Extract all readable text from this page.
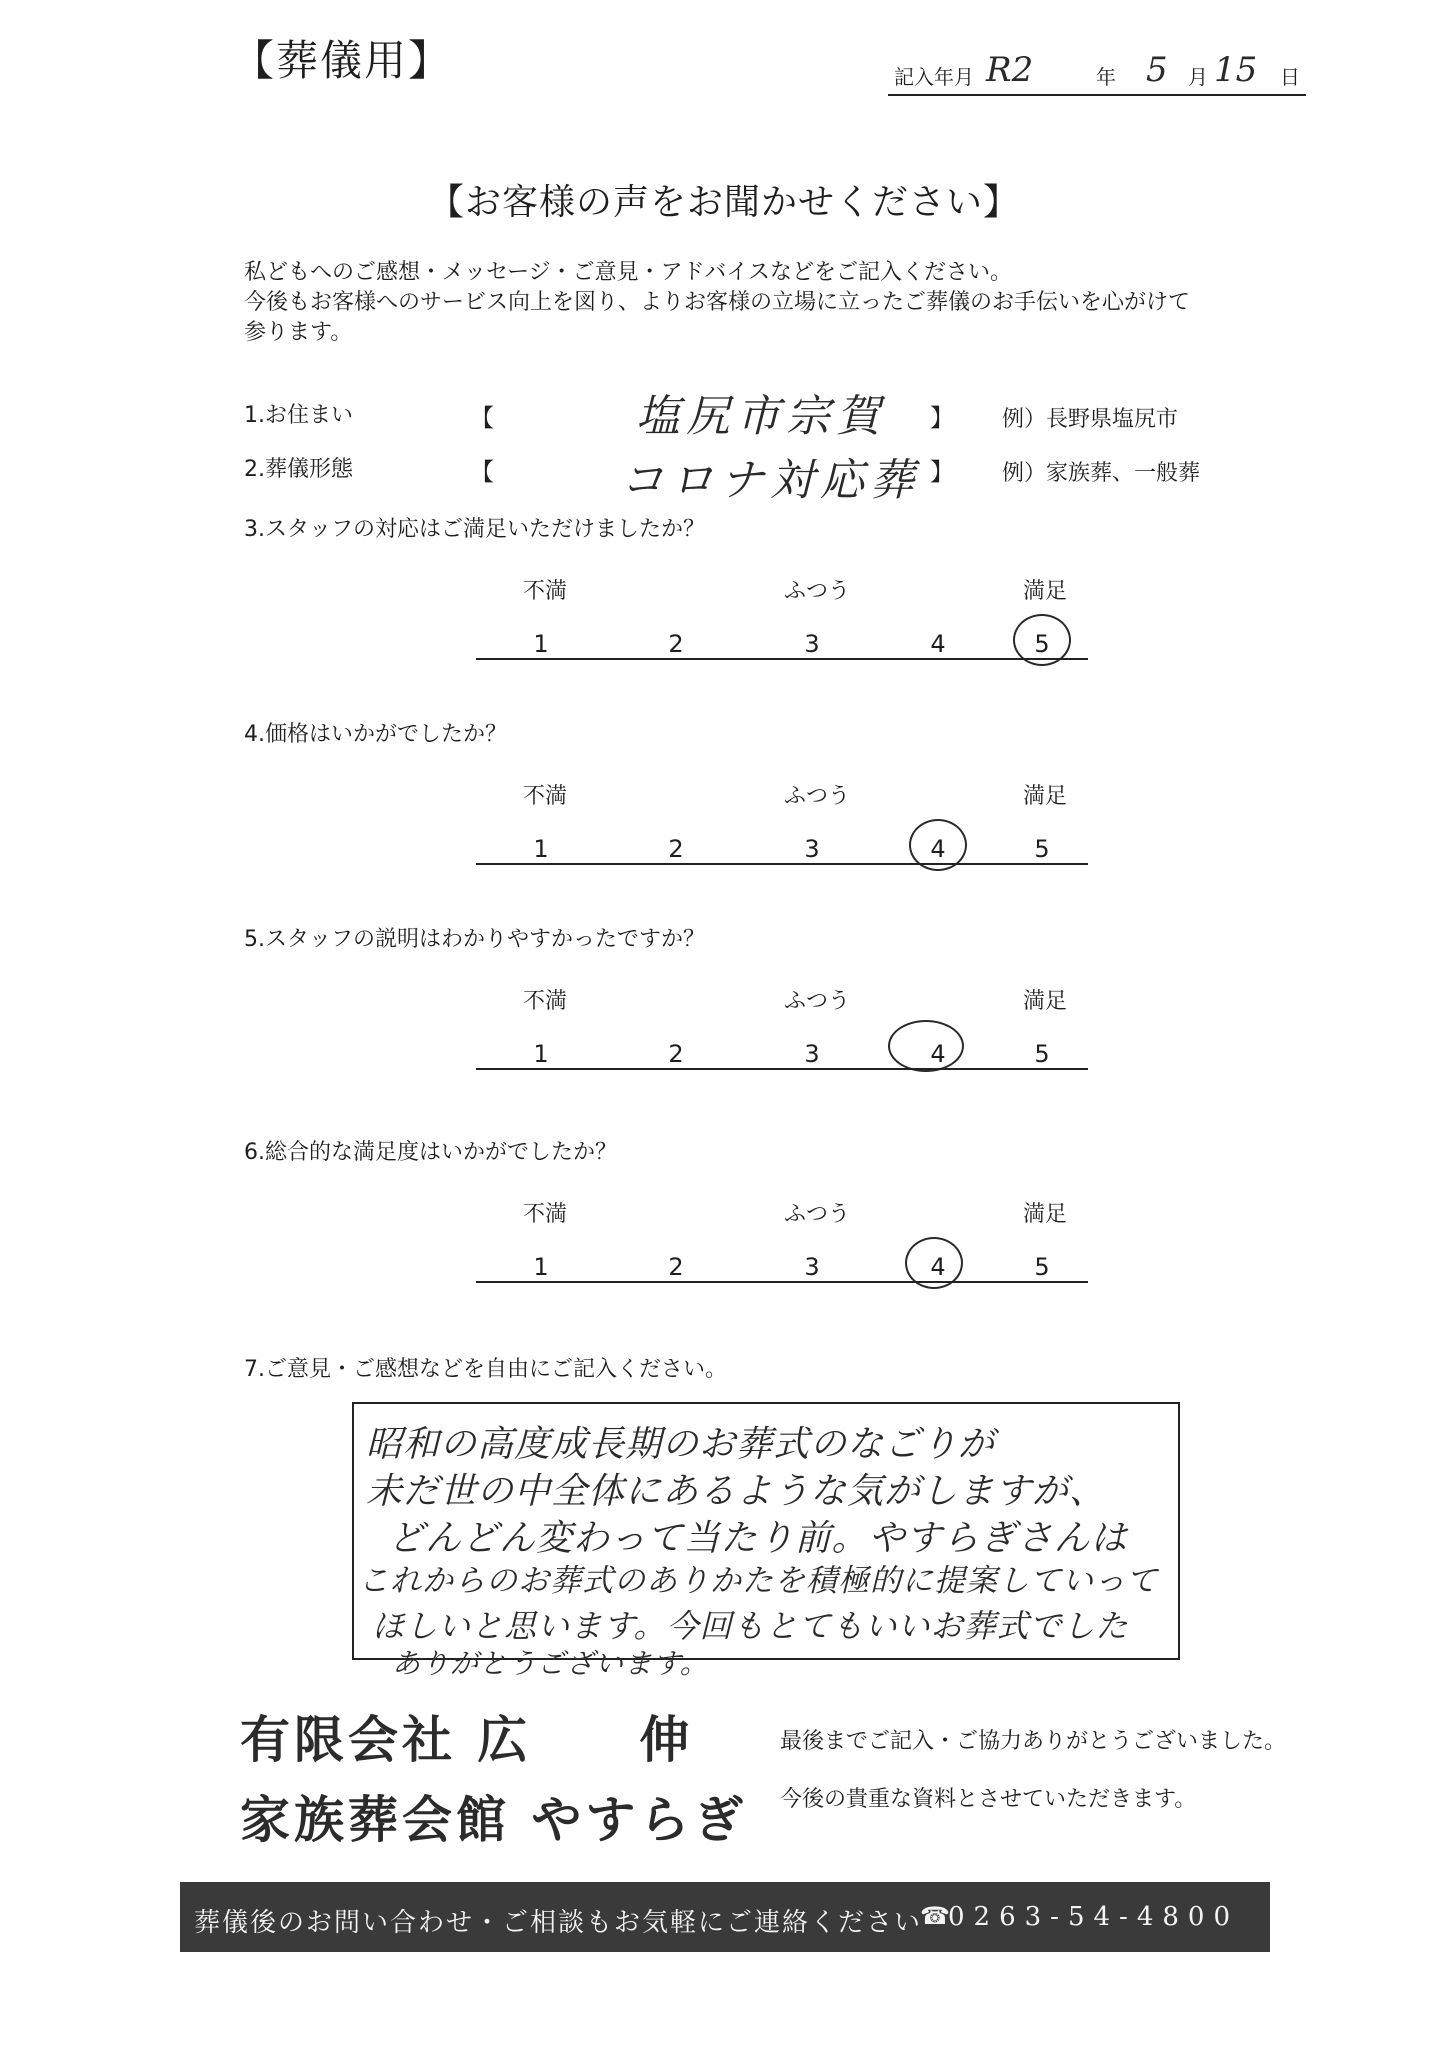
【葬儀用】	記入年月 R2	年 5 月 15 日
【お客様の声をお聞かせください】
私どもへのご感想・メッセージ・ご意見・アドバイスなどをご記入ください。
今後もお客様へのサービス向上を図り、よりお客様の立場に立ったご葬儀のお手伝いを心がけて
参ります。
1.お住まい	【	塩尻市宗賀 】 例）長野県塩尻市
2.葬儀形態	【	コロナ対応葬 】 例）家族葬、一般葬
3.スタッフの対応はご満足いただけましたか？
不満	ふつう	満足
1	2	3	4	5
4.価格はいかがでしたか？
不満	ふつう	満足
1	2	3	4	5
5.スタッフの説明はわかりやすかったですか？
不満	ふつう	満足
1	2	3	4	5
6.総合的な満足度はいかがでしたか？
不満	ふつう	満足
1	2	3	4	5
7.ご意見・ご感想などを自由にご記入ください。
昭和の高度成長期のお葬式のなごりが
未だ世の中全体にあるような気がしますが、
どんどん変わって当たり前。やすらぎさんは
これからのお葬式のありかたを積極的に提案していって
ほしいと思います。今回もとてもいいお葬式でした
ありがとうございます。
有限会社 広　　伸
家族葬会館 やすらぎ
最後までご記入・ご協力ありがとうございました。
今後の貴重な資料とさせていただきます。
葬儀後のお問い合わせ・ご相談もお気軽にご連絡ください
☎
0263-54-4800
